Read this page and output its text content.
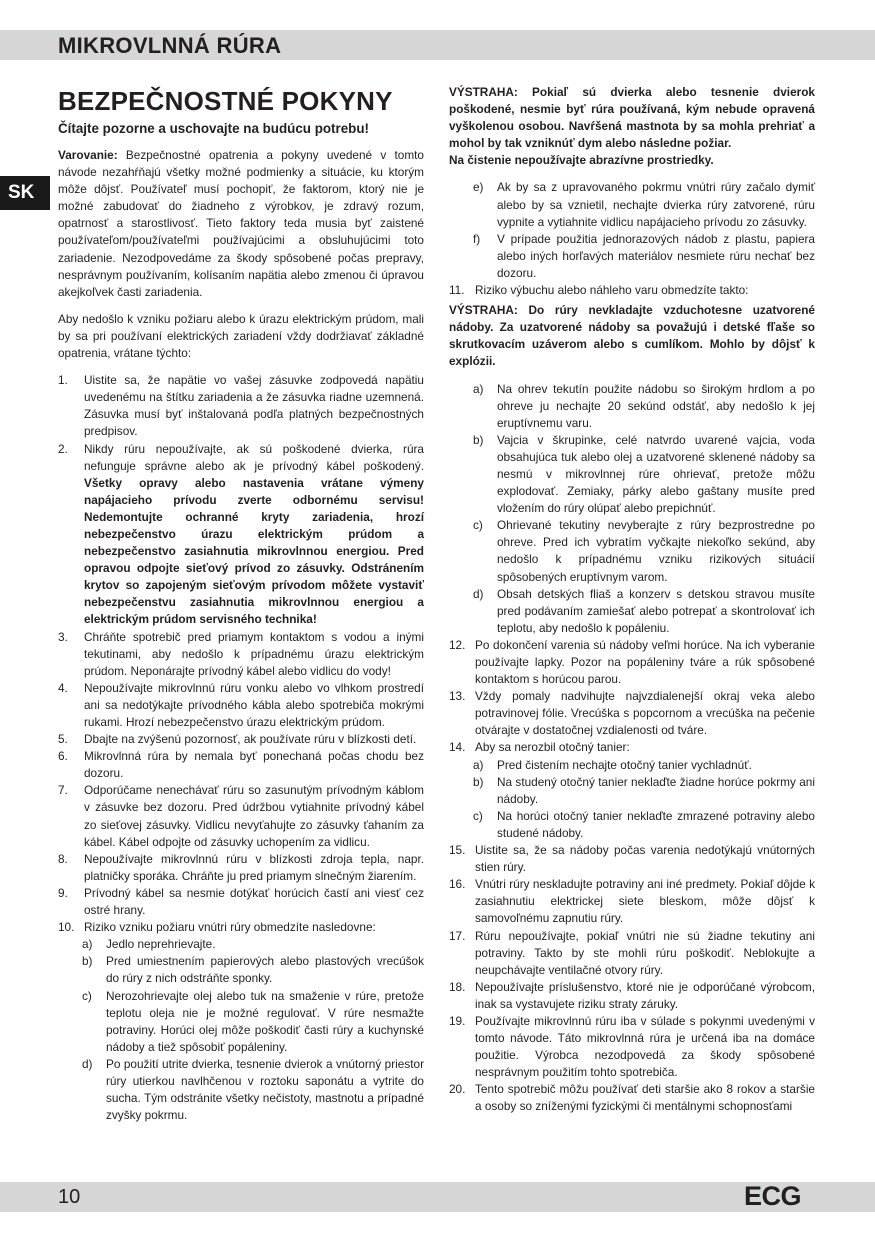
MIKROVLNNÁ RÚRA
SK
BEZPEČNOSTNÉ POKYNY
Čítajte pozorne a uschovajte na budúcu potrebu!
Varovanie: Bezpečnostné opatrenia a pokyny uvedené v tomto návode nezahŕňajú všetky možné podmienky a situácie, ku ktorým môže dôjsť. Používateľ musí pochopiť, že faktorom, ktorý nie je možné zabudovať do žiadneho z výrobkov, je zdravý rozum, opatrnosť a starostlivosť. Tieto faktory teda musia byť zaistené používateľom/používateľmi používajúcimi a obsluhujúcimi toto zariadenie. Nezodpovedáme za škody spôsobené počas prepravy, nesprávnym používaním, kolísaním napätia alebo zmenou či úpravou akejkoľvek časti zariadenia.
Aby nedošlo k vzniku požiaru alebo k úrazu elektrickým prúdom, mali by sa pri používaní elektrických zariadení vždy dodržiavať základné opatrenia, vrátane týchto:
1.	Uistite sa, že napätie vo vašej zásuvke zodpovedá napätiu uvedenému na štítku zariadenia a že zásuvka riadne uzemnená. Zásuvka musí byť inštalovaná podľa platných bezpečnostných predpisov.
2.	Nikdy rúru nepoužívajte, ak sú poškodené dvierka, rúra nefunguje správne alebo ak je prívodný kábel poškodený. Všetky opravy alebo nastavenia vrátane výmeny napájacieho prívodu zverte odbornému servisu! Nedemontujte ochranné kryty zariadenia, hrozí nebezpečenstvo úrazu elektrickým prúdom a nebezpečenstvo zasiahnutia mikrovlnnou energiou. Pred opravou odpojte sieťový prívod zo zásuvky. Odstránením krytov so zapojeným sieťovým prívodom môžete vystaviť nebezpečenstvu zasiahnutia mikrovlnnou energiou a elektrickým prúdom servisného technika!
3.	Chráňte spotrebič pred priamym kontaktom s vodou a inými tekutinami, aby nedošlo k prípadnému úrazu elektrickým prúdom. Neponárajte prívodný kábel alebo vidlicu do vody!
4.	Nepoužívajte mikrovlnnú rúru vonku alebo vo vlhkom prostredí ani sa nedotýkajte prívodného kábla alebo spotrebiča mokrými rukami. Hrozí nebezpečenstvo úrazu elektrickým prúdom.
5.	Dbajte na zvýšenú pozornosť, ak používate rúru v blízkosti detí.
6.	Mikrovlnná rúra by nemala byť ponechaná počas chodu bez dozoru.
7.	Odporúčame nenechávať rúru so zasunutým prívodným káblom v zásuvke bez dozoru. Pred údržbou vytiahnite prívodný kábel zo sieťovej zásuvky. Vidlicu nevyťahujte zo zásuvky ťahaním za kábel. Kábel odpojte od zásuvky uchopením za vidlicu.
8.	Nepoužívajte mikrovlnnú rúru v blízkosti zdroja tepla, napr. platničky sporáka. Chráňte ju pred priamym slnečným žiarením.
9.	Prívodný kábel sa nesmie dotýkať horúcich častí ani viesť cez ostré hrany.
10. Riziko vzniku požiaru vnútri rúry obmedzíte nasledovne:
a)	Jedlo neprehrievajte.
b)	Pred umiestnením papierových alebo plastových vrecúšok do rúry z nich odstráňte sponky.
c)	Nerozohrievajte olej alebo tuk na smaženie v rúre, pretože teplotu oleja nie je možné regulovať. V rúre nesmažte potraviny. Horúci olej môže poškodiť časti rúry a kuchynské nádoby a tiež spôsobiť popáleniny.
d)	Po použití utrite dvierka, tesnenie dvierok a vnútorný priestor rúry utierkou navlhčenou v roztoku saponátu a vytrite do sucha. Tým odstránite všetky nečistoty, mastnotu a prípadné zvyšky pokrmu.
VÝSTRAHA: Pokiaľ sú dvierka alebo tesnenie dvierok poškodené, nesmie byť rúra používaná, kým nebude opravená vyškolenou osobou. Navŕšená mastnota by sa mohla prehriať a mohol by tak vzniknúť dym alebo následne požiar.
Na čistenie nepoužívajte abrazívne prostriedky.
e)	Ak by sa z upravovaného pokrmu vnútri rúry začalo dymiť alebo by sa vznietil, nechajte dvierka rúry zatvorené, rúru vypnite a vytiahnite vidlicu napájacieho prívodu zo zásuvky.
f)	V prípade použitia jednorazových nádob z plastu, papiera alebo iných horľavých materiálov nesmiete rúru nechať bez dozoru.
11. Riziko výbuchu alebo náhleho varu obmedzíte takto:
VÝSTRAHA: Do rúry nevkladajte vzduchotesne uzatvorené nádoby. Za uzatvorené nádoby sa považujú i detské fľaše so skrutkovacím uzáverom alebo s cumlíkom. Mohlo by dôjsť k explózii.
a)	Na ohrev tekutín použite nádobu so širokým hrdlom a po ohreve ju nechajte 20 sekúnd odstáť, aby nedošlo k jej eruptívnemu varu.
b)	Vajcia v škrupinke, celé natvrdo uvarené vajcia, voda obsahujúca tuk alebo olej a uzatvorené sklenené nádoby sa nesmú v mikrovlnnej rúre ohrievať, pretože môžu explodovať. Zemiaky, párky alebo gaštany musíte pred vložením do rúry olúpať alebo prepichnúť.
c)	Ohrievané tekutiny nevyberajte z rúry bezprostredne po ohreve. Pred ich vybratím vyčkajte niekoľko sekúnd, aby nedošlo k prípadnému vzniku rizikových situácií spôsobených eruptívnym varom.
d)	Obsah detských fliaš a konzerv s detskou stravou musíte pred podávaním zamiešať alebo potrepať a skontrolovať ich teplotu, aby nedošlo k popáleniu.
12. Po dokončení varenia sú nádoby veľmi horúce. Na ich vyberanie používajte lapky. Pozor na popáleniny tváre a rúk spôsobené kontaktom s horúcou parou.
13. Vždy pomaly nadvihujte najvzdialenejší okraj veka alebo potravinovej fólie. Vrecúška s popcornom a vrecúška na pečenie otvárajte v dostatočnej vzdialenosti od tváre.
14. Aby sa nerozbil otočný tanier:
a)	Pred čistením nechajte otočný tanier vychladnúť.
b)	Na studený otočný tanier neklaďte žiadne horúce pokrmy ani nádoby.
c)	Na horúci otočný tanier neklaďte zmrazené potraviny alebo studené nádoby.
15. Uistite sa, že sa nádoby počas varenia nedotýkajú vnútorných stien rúry.
16. Vnútri rúry neskladujte potraviny ani iné predmety. Pokiaľ dôjde k zasiahnutiu elektrickej siete bleskom, môže dôjsť k samovoľnému zapnutiu rúry.
17. Rúru nepoužívajte, pokiaľ vnútri nie sú žiadne tekutiny ani potraviny. Takto by ste mohli rúru poškodiť. Neblokujte a neupchávajte ventilačné otvory rúry.
18. Nepoužívajte príslušenstvo, ktoré nie je odporúčané výrobcom, inak sa vystavujete riziku straty záruky.
19. Používajte mikrovlnnú rúru iba v súlade s pokynmi uvedenými v tomto návode. Táto mikrovlnná rúra je určená iba na domáce použitie. Výrobca nezodpovedá za škody spôsobené nesprávnym použitím tohto spotrebiča.
20. Tento spotrebič môžu používať deti staršie ako 8 rokov a staršie a osoby so zníženými fyzickými či mentálnymi schopnosťami
10	ECG
